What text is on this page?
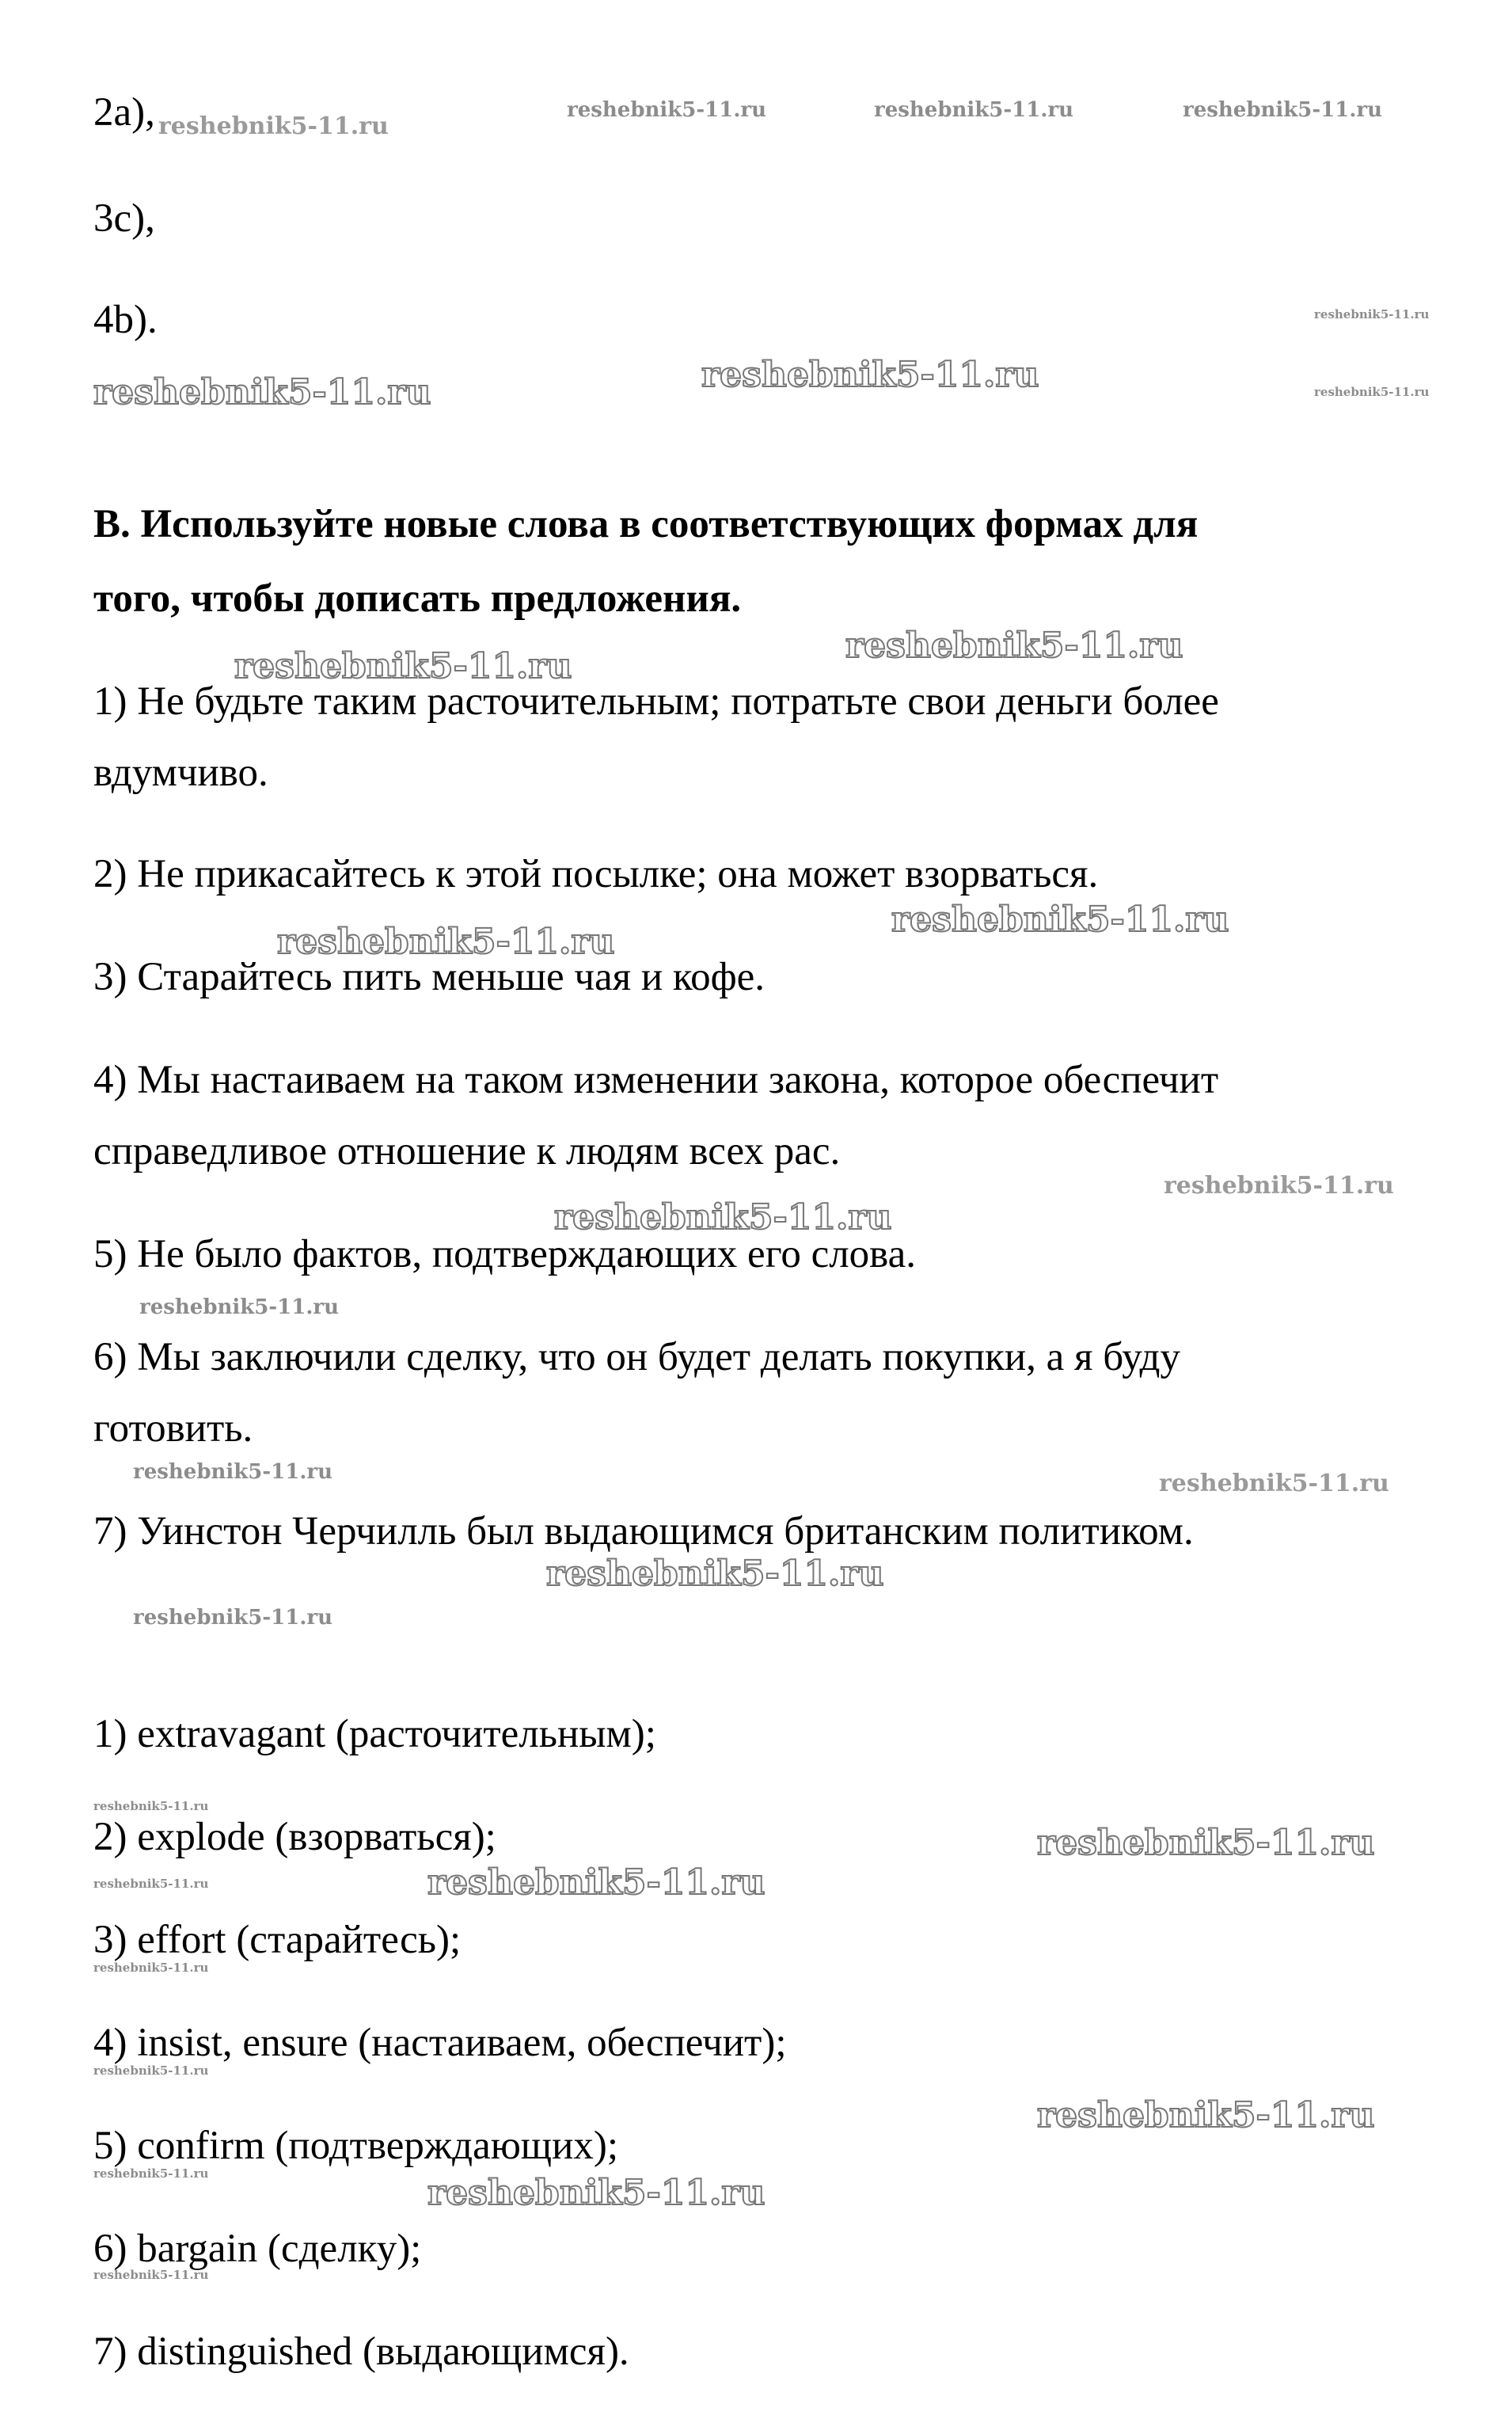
2a),
3c),
4b).
B. Используйте новые слова в соответствующих формах для
того, чтобы дописать предложения.
1) Не будьте таким расточительным; потратьте свои деньги более
вдумчиво.
2) Не прикасайтесь к этой посылке; она может взорваться.
3) Старайтесь пить меньше чая и кофе.
4) Мы настаиваем на таком изменении закона, которое обеспечит
справедливое отношение к людям всех рас.
5) Не было фактов, подтверждающих его слова.
6) Мы заключили сделку, что он будет делать покупки, а я буду
готовить.
7) Уинстон Черчилль был выдающимся британским политиком.
1) extravagant (расточительным);
2) explode (взорваться);
3) effort (старайтесь);
4) insist, ensure (настаиваем, обеспечит);
5) confirm (подтверждающих);
6) bargain (сделку);
7) distinguished (выдающимся).
reshebnik5-11.ru
reshebnik5-11.ru	reshebnik5-11.ru	reshebnik5-11.ru
reshebnik5-11.ru
reshebnik5-11.ru
reshebnik5-11.ru	reshebnik5-11.ru
reshebnik5-11.ru
reshebnik5-11.ru
reshebnik5-11.ru
reshebnik5-11.ru
reshebnik5-11.ru
reshebnik5-11.ru
reshebnik5-11.ru
reshebnik5-11.ru	reshebnik5-11.ru
reshebnik5-11.ru
reshebnik5-11.ru
reshebnik5-11.ru
reshebnik5-11.ru
reshebnik5-11.ru	reshebnik5-11.ru
reshebnik5-11.ru
reshebnik5-11.ru
reshebnik5-11.ru
reshebnik5-11.ru	reshebnik5-11.ru
reshebnik5-11.ru
